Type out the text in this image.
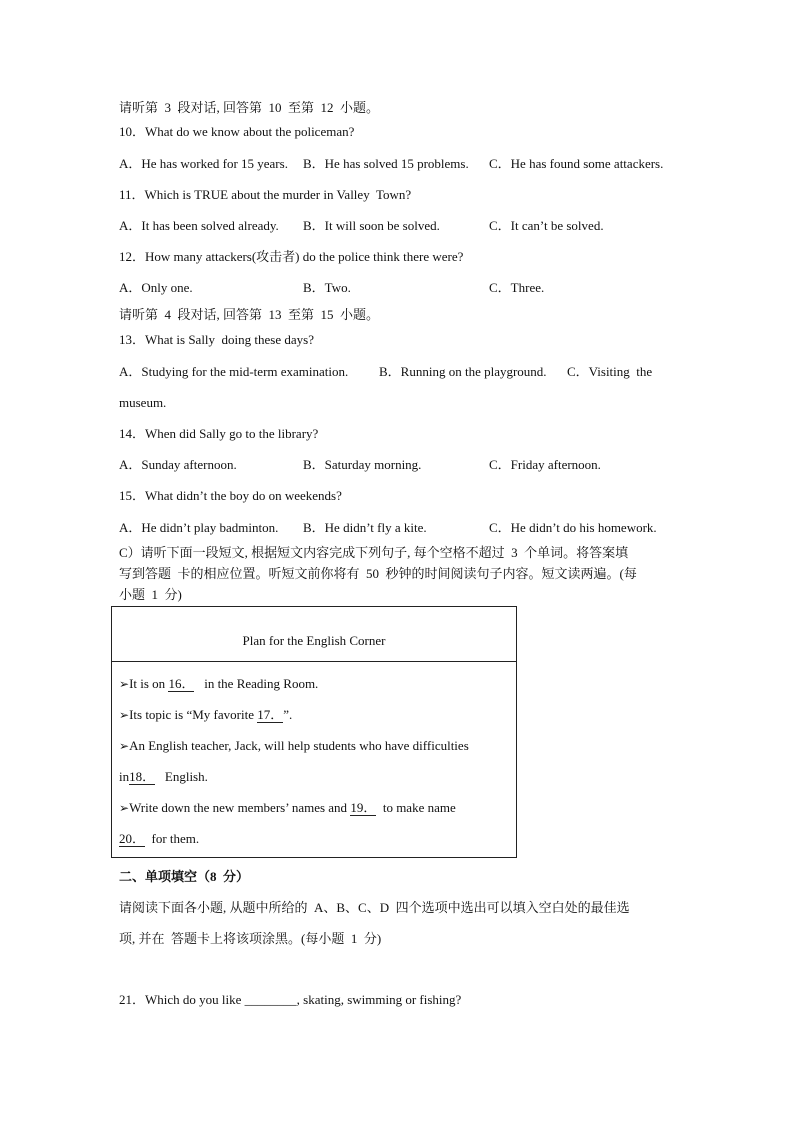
请听第  3  段对话, 回答第  10  至第  12  小题。
10．What do we know about the policeman?
A．He has worked for 15 years. B．He has solved 15 problems. C．He has found some attackers.
11．Which is TRUE about the murder in Valley  Town?
A．It has been solved already. B．It will soon be solved.	C．It can’t be solved.
12．How many attackers(攻击者) do the police think there were?
A．Only one.	B．Two.	C．Three.
请听第  4  段对话, 回答第  13  至第  15  小题。
13．What is Sally  doing these days?
A．Studying for the mid-term examination. B．Running on the playground. C．Visiting  the
museum.
14．When did Sally go to the library?
A．Sunday afternoon.	B．Saturday morning.	C．Friday afternoon.
15．What didn’t the boy do on weekends?
A．He didn’t play badminton. B．He didn’t fly a kite.	C．He didn’t do his homework.
C）请听下面一段短文, 根据短文内容完成下列句子, 每个空格不超过  3  个单词。将答案填
写到答题  卡的相应位置。听短文前你将有  50  秒钟的时间阅读句子内容。短文读两遍。(每
小题  1  分)
Plan for the English Corner
➢It is on 16．   in the Reading Room.
➢Its topic is “My favorite 17．”.
➢An English teacher, Jack, will help students who have difficulties
in18．   English.
➢Write down the new members’ names and 19．  to make name
20．  for them.
二、单项填空（8  分）
请阅读下面各小题, 从题中所给的  A、B、C、D  四个选项中选出可以填入空白处的最佳选
项, 并在  答题卡上将该项涂黑。(每小题  1  分)
21．Which do you like ________, skating, swimming or fishing?
